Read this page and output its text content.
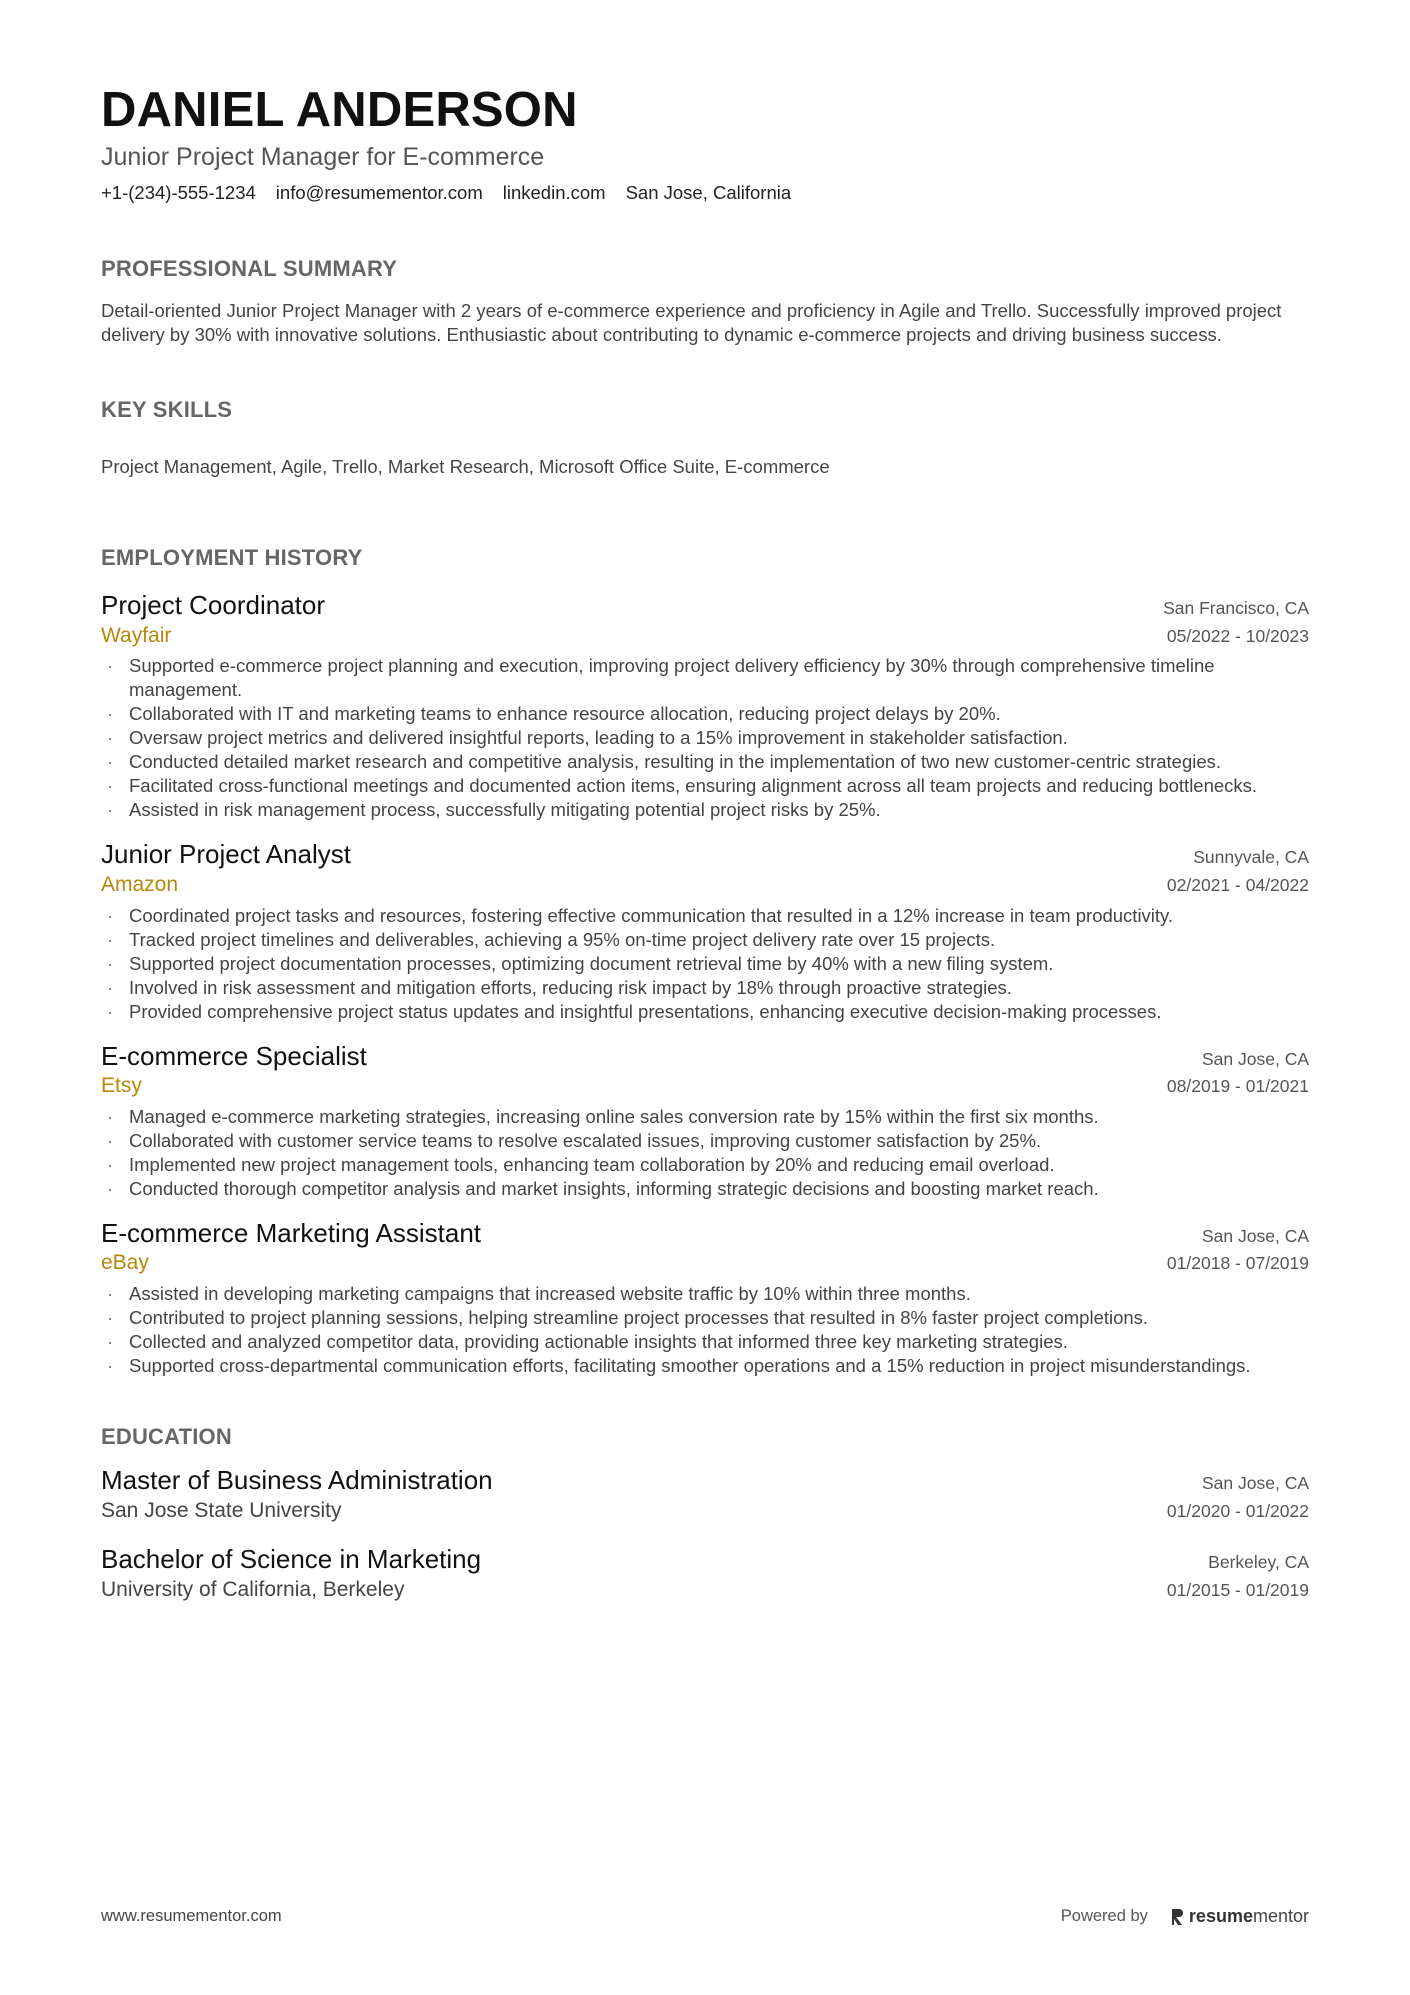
DANIEL ANDERSON
Junior Project Manager for E-commerce
+1-(234)-555-1234 info@resumementor.com linkedin.com San Jose, California
PROFESSIONAL SUMMARY
Detail-oriented Junior Project Manager with 2 years of e-commerce experience and proficiency in Agile and Trello. Successfully improved project delivery by 30% with innovative solutions. Enthusiastic about contributing to dynamic e-commerce projects and driving business success.
KEY SKILLS
Project Management, Agile, Trello, Market Research, Microsoft Office Suite, E-commerce
EMPLOYMENT HISTORY
Project Coordinator	San Francisco, CA
Wayfair	05/2022 - 10/2023
· Supported e-commerce project planning and execution, improving project delivery efficiency by 30% through comprehensive timeline management.
· Collaborated with IT and marketing teams to enhance resource allocation, reducing project delays by 20%.
· Oversaw project metrics and delivered insightful reports, leading to a 15% improvement in stakeholder satisfaction.
· Conducted detailed market research and competitive analysis, resulting in the implementation of two new customer-centric strategies.
· Facilitated cross-functional meetings and documented action items, ensuring alignment across all team projects and reducing bottlenecks.
· Assisted in risk management process, successfully mitigating potential project risks by 25%.
Junior Project Analyst	Sunnyvale, CA
Amazon	02/2021 - 04/2022
· Coordinated project tasks and resources, fostering effective communication that resulted in a 12% increase in team productivity.
· Tracked project timelines and deliverables, achieving a 95% on-time project delivery rate over 15 projects.
· Supported project documentation processes, optimizing document retrieval time by 40% with a new filing system.
· Involved in risk assessment and mitigation efforts, reducing risk impact by 18% through proactive strategies.
· Provided comprehensive project status updates and insightful presentations, enhancing executive decision-making processes.
E-commerce Specialist	San Jose, CA
Etsy	08/2019 - 01/2021
· Managed e-commerce marketing strategies, increasing online sales conversion rate by 15% within the first six months.
· Collaborated with customer service teams to resolve escalated issues, improving customer satisfaction by 25%.
· Implemented new project management tools, enhancing team collaboration by 20% and reducing email overload.
· Conducted thorough competitor analysis and market insights, informing strategic decisions and boosting market reach.
E-commerce Marketing Assistant	San Jose, CA
eBay	01/2018 - 07/2019
· Assisted in developing marketing campaigns that increased website traffic by 10% within three months.
· Contributed to project planning sessions, helping streamline project processes that resulted in 8% faster project completions.
· Collected and analyzed competitor data, providing actionable insights that informed three key marketing strategies.
· Supported cross-departmental communication efforts, facilitating smoother operations and a 15% reduction in project misunderstandings.
EDUCATION
Master of Business Administration	San Jose, CA
San Jose State University	01/2020 - 01/2022
Bachelor of Science in Marketing	Berkeley, CA
University of California, Berkeley	01/2015 - 01/2019
www.resumementor.com	Powered by resumementor
